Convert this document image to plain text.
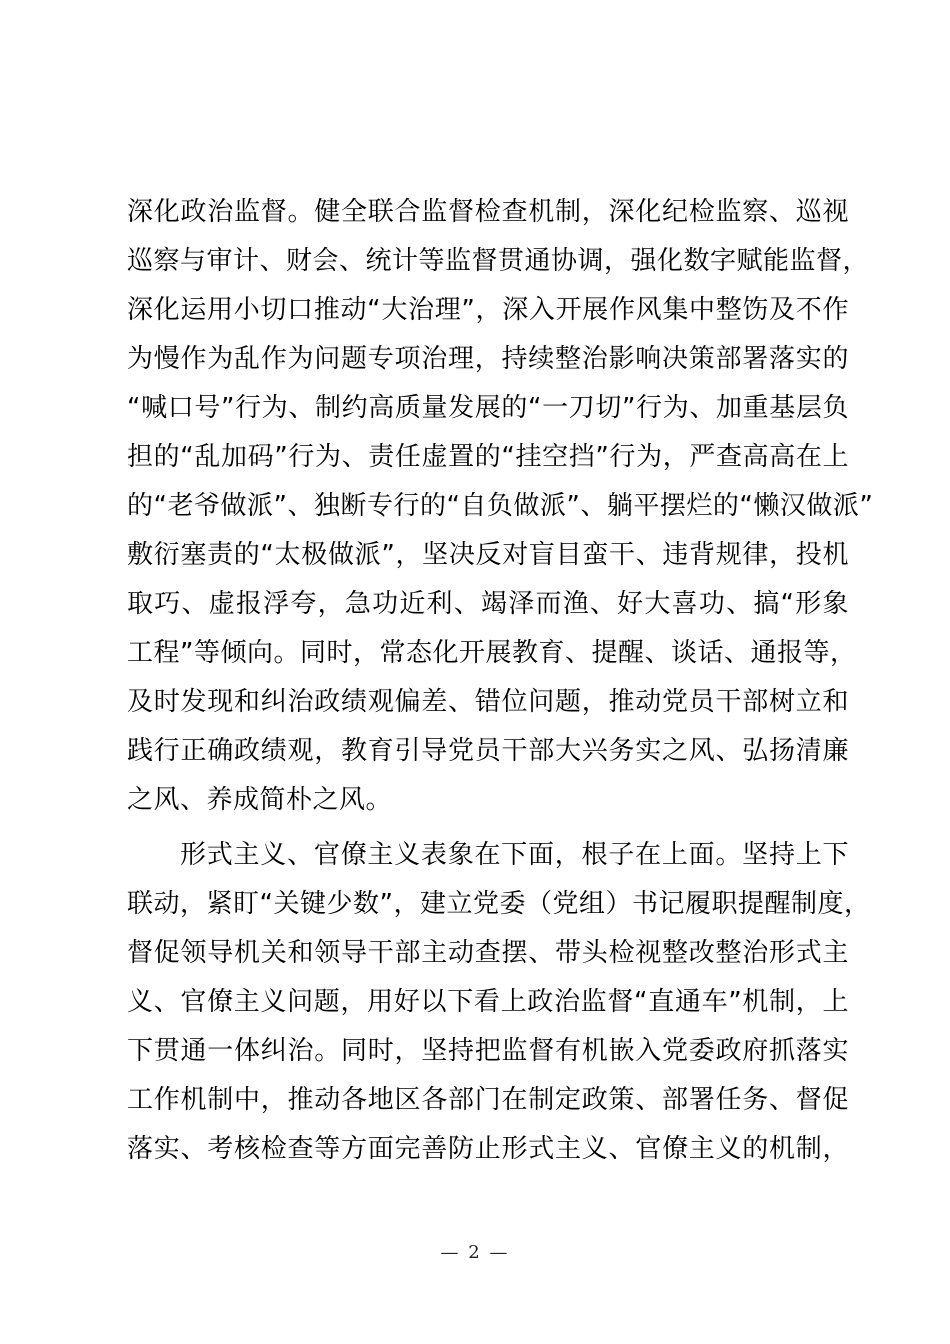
深化政治监督。健全联合监督检查机制，深化纪检监察、巡视
巡察与审计、财会、统计等监督贯通协调，强化数字赋能监督，
深化运用小切口推动“大治理”，深入开展作风集中整饬及不作
为慢作为乱作为问题专项治理，持续整治影响决策部署落实的
“喊口号”行为、制约高质量发展的“一刀切”行为、加重基层负
担的“乱加码”行为、责任虚置的“挂空挡”行为，严查高高在上
的“老爷做派”、独断专行的“自负做派”、躺平摆烂的“懒汉做派”
敷衍塞责的“太极做派”，坚决反对盲目蛮干、违背规律，投机
取巧、虚报浮夸，急功近利、竭泽而渔、好大喜功、搞“形象
工程”等倾向。同时，常态化开展教育、提醒、谈话、通报等，
及时发现和纠治政绩观偏差、错位问题，推动党员干部树立和
践行正确政绩观，教育引导党员干部大兴务实之风、弘扬清廉
之风、养成简朴之风。
形式主义、官僚主义表象在下面，根子在上面。坚持上下
联动，紧盯“关键少数”，建立党委（党组）书记履职提醒制度，
督促领导机关和领导干部主动查摆、带头检视整改整治形式主
义、官僚主义问题，用好以下看上政治监督“直通车”机制，上
下贯通一体纠治。同时，坚持把监督有机嵌入党委政府抓落实
工作机制中，推动各地区各部门在制定政策、部署任务、督促
落实、考核检查等方面完善防止形式主义、官僚主义的机制，
— 2 —
